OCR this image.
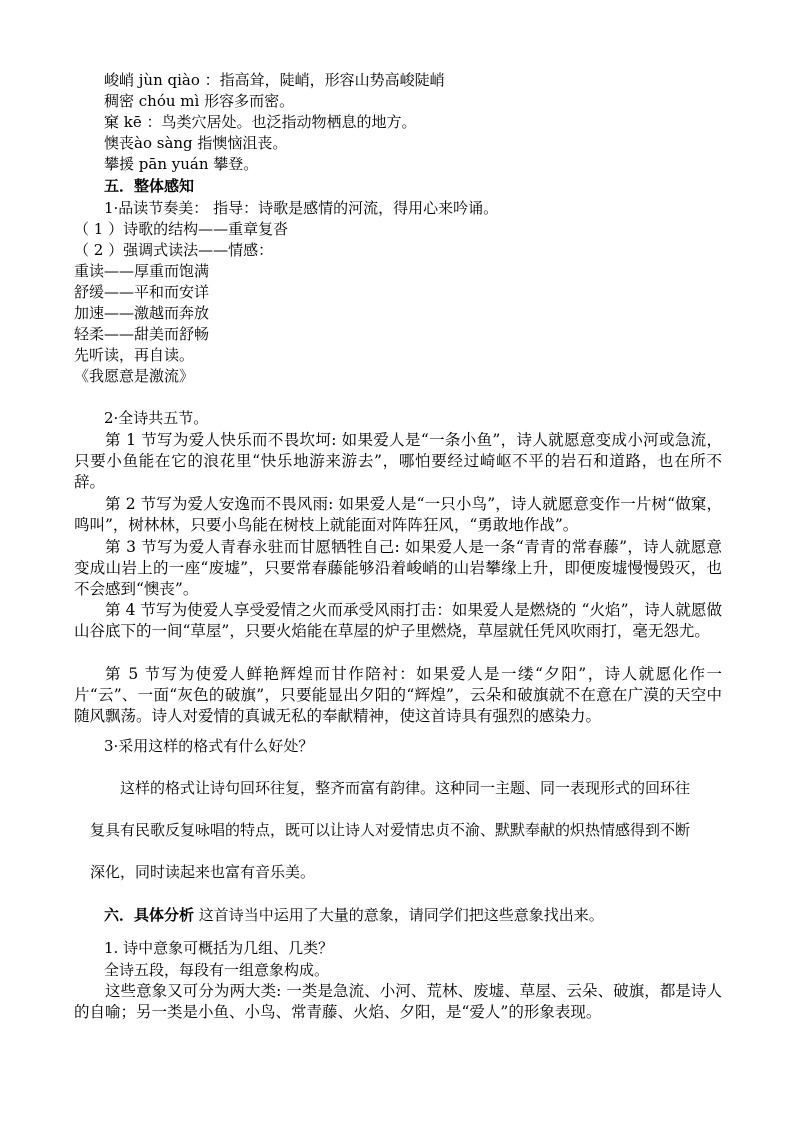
峻峭 jùn qiào ：指高耸，陡峭，形容山势高峻陡峭
稠密 chóu mì 形容多而密。
窠 kē ：鸟类穴居处。也泛指动物栖息的地方。
懊丧ào sàng 指懊恼沮丧。
攀援 pān yuán 攀登。
五．整体感知
1·品读节奏美： 指导：诗歌是感情的河流，得用心来吟诵。
（ 1 ）诗歌的结构——重章复沓
（ 2 ）强调式读法——情感：
重读——厚重而饱满
舒缓——平和而安详
加速——激越而奔放
轻柔——甜美而舒畅
先听读，再自读。
《我愿意是激流》
2·全诗共五节。
第 1 节写为爱人快乐而不畏坎坷: 如果爱人是“一条小鱼”，诗人就愿意变成小河或急流，只要小鱼能在它的浪花里“快乐地游来游去”，哪怕要经过崎岖不平的岩石和道路，也在所不辞。
第 2 节写为爱人安逸而不畏风雨: 如果爱人是“一只小鸟”，诗人就愿意变作一片树“做窠，鸣叫”，树林林，只要小鸟能在树枝上就能面对阵阵狂风，“勇敢地作战”。
第 3 节写为爱人青春永驻而甘愿牺牲自己: 如果爱人是一条“青青的常春藤”，诗人就愿意变成山岩上的一座“废墟”，只要常春藤能够沿着峻峭的山岩攀缘上升，即便废墟慢慢毁灭，也不会感到“懊丧”。
第 4 节写为使爱人享受爱情之火而承受风雨打击：如果爱人是燃烧的 “火焰”，诗人就愿做山谷底下的一间“草屋”，只要火焰能在草屋的炉子里燃烧，草屋就任凭风吹雨打，毫无怨尤。
第 5 节写为使爱人鲜艳辉煌而甘作陪衬：如果爱人是一缕“夕阳”，诗人就愿化作一片“云”、一面“灰色的破旗”，只要能显出夕阳的“辉煌”，云朵和破旗就不在意在广漠的天空中随风飘荡。诗人对爱情的真诚无私的奉献精神，使这首诗具有强烈的感染力。
3·采用这样的格式有什么好处？
这样的格式让诗句回环往复，整齐而富有韵律。这种同一主题、同一表现形式的回环往
复具有民歌反复咏唱的特点，既可以让诗人对爱情忠贞不渝、默默奉献的炽热情感得到不断
深化，同时读起来也富有音乐美。
六．具体分析 这首诗当中运用了大量的意象，请同学们把这些意象找出来。
1. 诗中意象可概括为几组、几类？
全诗五段，每段有一组意象构成。
这些意象又可分为两大类: 一类是急流、小河、荒林、废墟、草屋、云朵、破旗，都是诗人的自喻；另一类是小鱼、小鸟、常青藤、火焰、夕阳，是“爱人”的形象表现。
